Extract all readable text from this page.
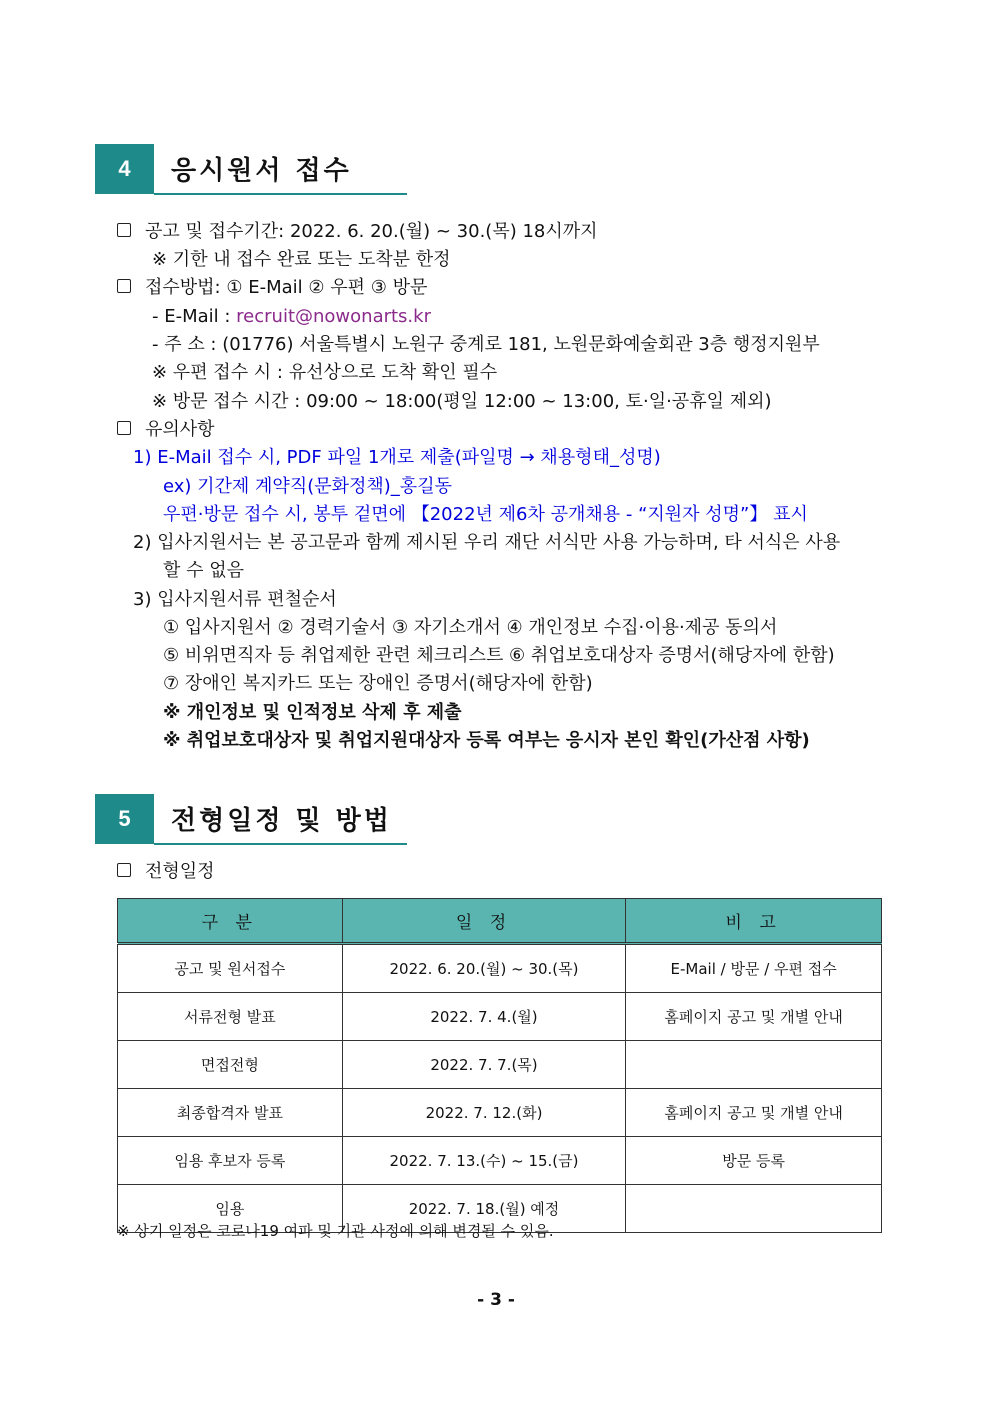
4	응시원서 접수
공고 및 접수기간: 2022. 6. 20.(월) ~ 30.(목) 18시까지
※ 기한 내 접수 완료 또는 도착분 한정
접수방법: ① E-Mail ② 우편 ③ 방문
- E-Mail : recruit@nowonarts.kr
- 주 소 : (01776) 서울특별시 노원구 중계로 181, 노원문화예술회관 3층 행정지원부
※ 우편 접수 시 : 유선상으로 도착 확인 필수
※ 방문 접수 시간 : 09:00 ~ 18:00(평일 12:00 ~ 13:00, 토·일·공휴일 제외)
유의사항
1) E-Mail 접수 시, PDF 파일 1개로 제출(파일명 → 채용형태_성명)
ex) 기간제 계약직(문화정책)_홍길동
우편·방문 접수 시, 봉투 겉면에 【2022년 제6차 공개채용 - “지원자 성명”】 표시
2) 입사지원서는 본 공고문과 함께 제시된 우리 재단 서식만 사용 가능하며, 타 서식은 사용
할 수 없음
3) 입사지원서류 편철순서
① 입사지원서 ② 경력기술서 ③ 자기소개서 ④ 개인정보 수집·이용·제공 동의서
⑤ 비위면직자 등 취업제한 관련 체크리스트 ⑥ 취업보호대상자 증명서(해당자에 한함)
⑦ 장애인 복지카드 또는 장애인 증명서(해당자에 한함)
※ 개인정보 및 인적정보 삭제 후 제출
※ 취업보호대상자 및 취업지원대상자 등록 여부는 응시자 본인 확인(가산점 사항)
5	전형일정 및 방법
전형일정
구 분	일 정	비 고
공고 및 원서접수	2022. 6. 20.(월) ~ 30.(목)	E-Mail / 방문 / 우편 접수
서류전형 발표	2022. 7. 4.(월)	홈페이지 공고 및 개별 안내
면접전형	2022. 7. 7.(목)	
최종합격자 발표	2022. 7. 12.(화)	홈페이지 공고 및 개별 안내
임용 후보자 등록	2022. 7. 13.(수) ~ 15.(금)	방문 등록
임용	2022. 7. 18.(월) 예정	
※ 상기 일정은 코로나19 여파 및 기관 사정에 의해 변경될 수 있음.
- 3 -
